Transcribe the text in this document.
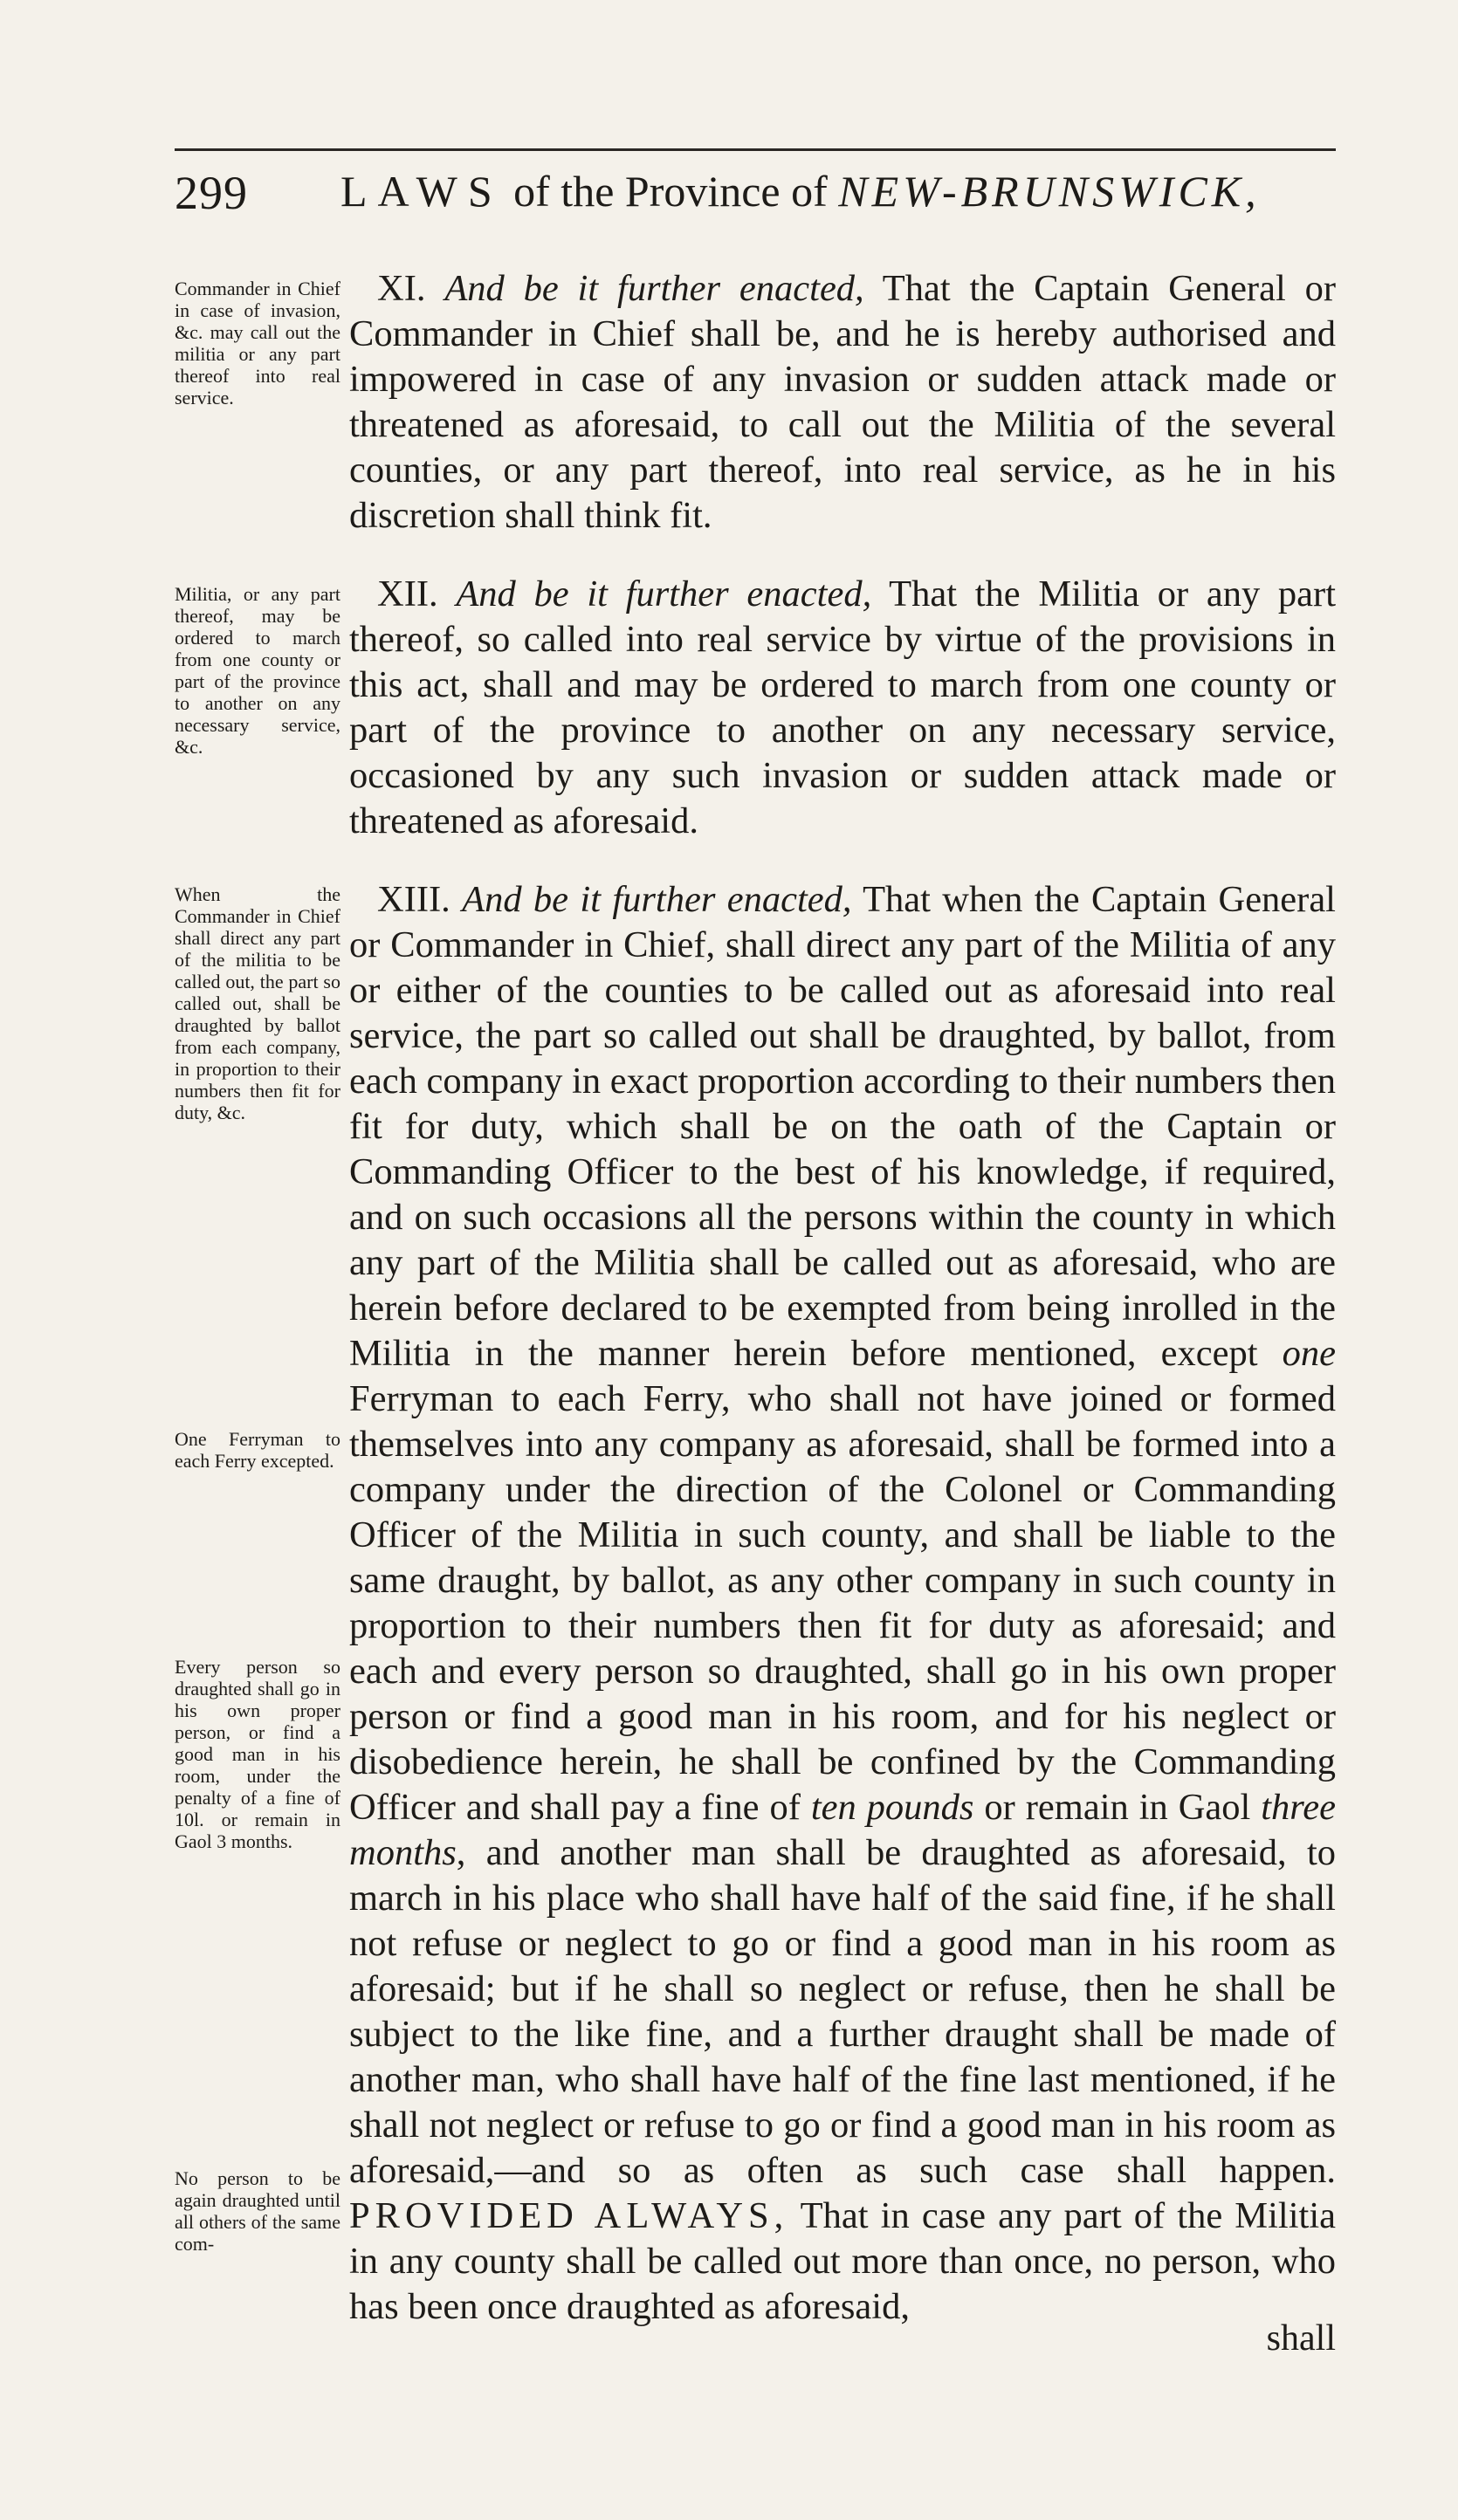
299 LAWS of the Province of NEW-BRUNSWICK,
Commander in Chief in case of invasion, &c. may call out the militia or any part thereof into real service.
Militia, or any part thereof, may be ordered to march from one county or part of the province to another on any necessary service, &c.
When the Commander in Chief shall direct any part of the militia to be called out, the part so called out, shall be draughted by ballot from each company, in proportion to their numbers then fit for duty, &c.
One Ferryman to each Ferry excepted.
Every person so draughted shall go in his own proper person, or find a good man in his room, under the penalty of a fine of 10l. or remain in Gaol 3 months.
No person to be again draughted until all others of the same com-

XI. And be it further enacted, That the Captain General or Commander in Chief shall be, and he is hereby authorised and impowered in case of any invasion or sudden attack made or threatened as aforesaid, to call out the Militia of the several counties, or any part thereof, into real service, as he in his discretion shall think fit.

XII. And be it further enacted, That the Militia or any part thereof, so called into real service by virtue of the provisions in this act, shall and may be ordered to march from one county or part of the province to another on any necessary service, occasioned by any such invasion or sudden attack made or threatened as aforesaid.

XIII. And be it further enacted, That when the Captain General or Commander in Chief, shall direct any part of the Militia of any or either of the counties to be called out as aforesaid into real service, the part so called out shall be draughted, by ballot, from each company in exact proportion according to their numbers then fit for duty, which shall be on the oath of the Captain or Commanding Officer to the best of his knowledge, if required, and on such occasions all the persons within the county in which any part of the Militia shall be called out as aforesaid, who are herein before declared to be exempted from being inrolled in the Militia in the manner herein before mentioned, except one Ferryman to each Ferry, who shall not have joined or formed themselves into any company as aforesaid, shall be formed into a company under the direction of the Colonel or Commanding Officer of the Militia in such county, and shall be liable to the same draught, by ballot, as any other company in such county in proportion to their numbers then fit for duty as aforesaid; and each and every person so draughted, shall go in his own proper person or find a good man in his room, and for his neglect or disobedience herein, he shall be confined by the Commanding Officer and shall pay a fine of ten pounds or remain in Gaol three months, and another man shall be draughted as aforesaid, to march in his place who shall have half of the said fine, if he shall not refuse or neglect to go or find a good man in his room as aforesaid; but if he shall so neglect or refuse, then he shall be subject to the like fine, and a further draught shall be made of another man, who shall have half of the fine last mentioned, if he shall not neglect or refuse to go or find a good man in his room as aforesaid,—and so as often as such case shall happen. PROVIDED ALWAYS, That in case any part of the Militia in any county shall be called out more than once, no person, who has been once draughted as aforesaid,

shall
